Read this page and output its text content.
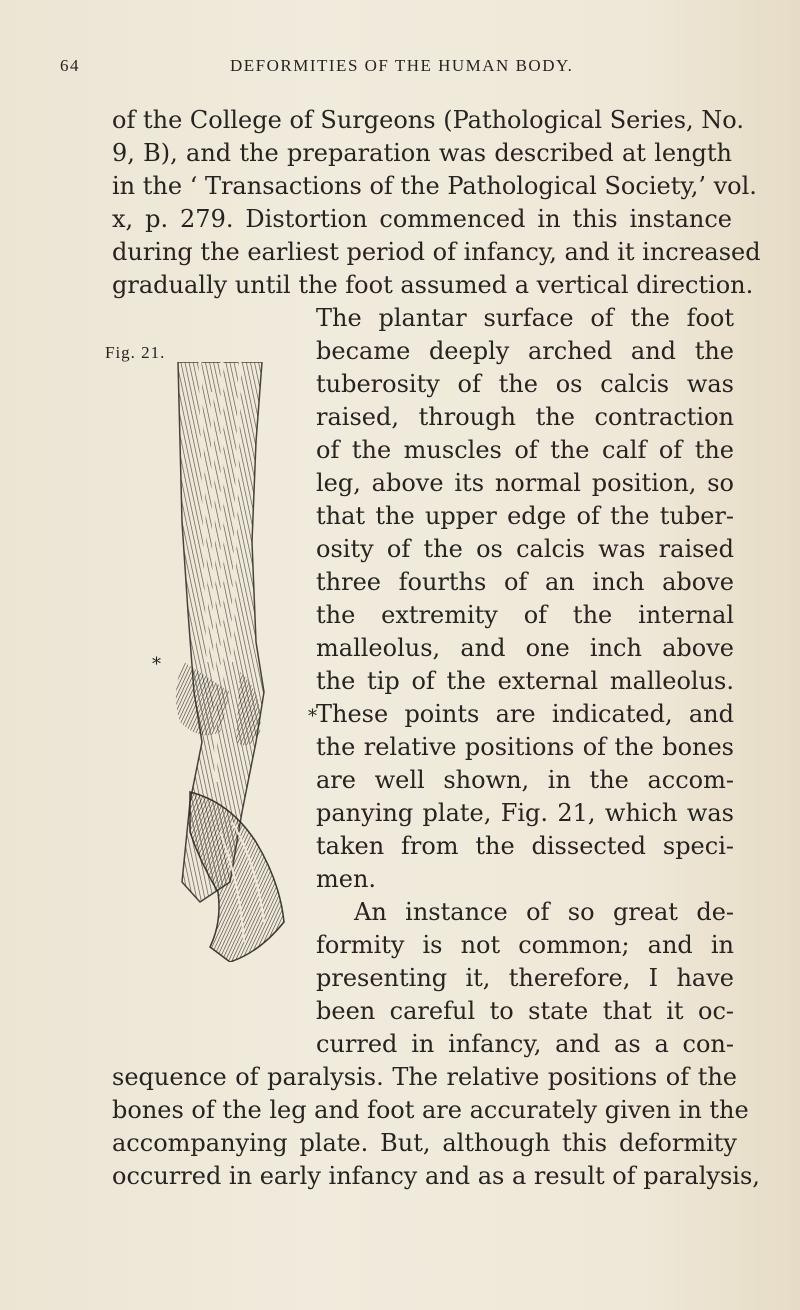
64	DEFORMITIES OF THE HUMAN BODY.
of the College of Surgeons (Pathological Series, No.
9, B), and the preparation was described at length
in the ‘ Transactions of the Pathological Society,’ vol.
x, p. 279. Distortion commenced in this instance
during the earliest period of infancy, and it increased
gradually until the foot assumed a vertical direction.
Fig. 21.
*
*
The plantar surface of the foot
became deeply arched and the
tuberosity of the os calcis was
raised, through the contraction
of the muscles of the calf of the
leg, above its normal position, so
that the upper edge of the tuber-
osity of the os calcis was raised
three fourths of an inch above
the extremity of the internal
malleolus, and one inch above
the tip of the external malleolus.
These points are indicated, and
the relative positions of the bones
are well shown, in the accom-
panying plate, Fig. 21, which was
taken from the dissected speci-
men.
An instance of so great de-
formity is not common; and in
presenting it, therefore, I have
been careful to state that it oc-
curred in infancy, and as a con-
sequence of paralysis. The relative positions of the
bones of the leg and foot are accurately given in the
accompanying plate. But, although this deformity
occurred in early infancy and as a result of paralysis,
